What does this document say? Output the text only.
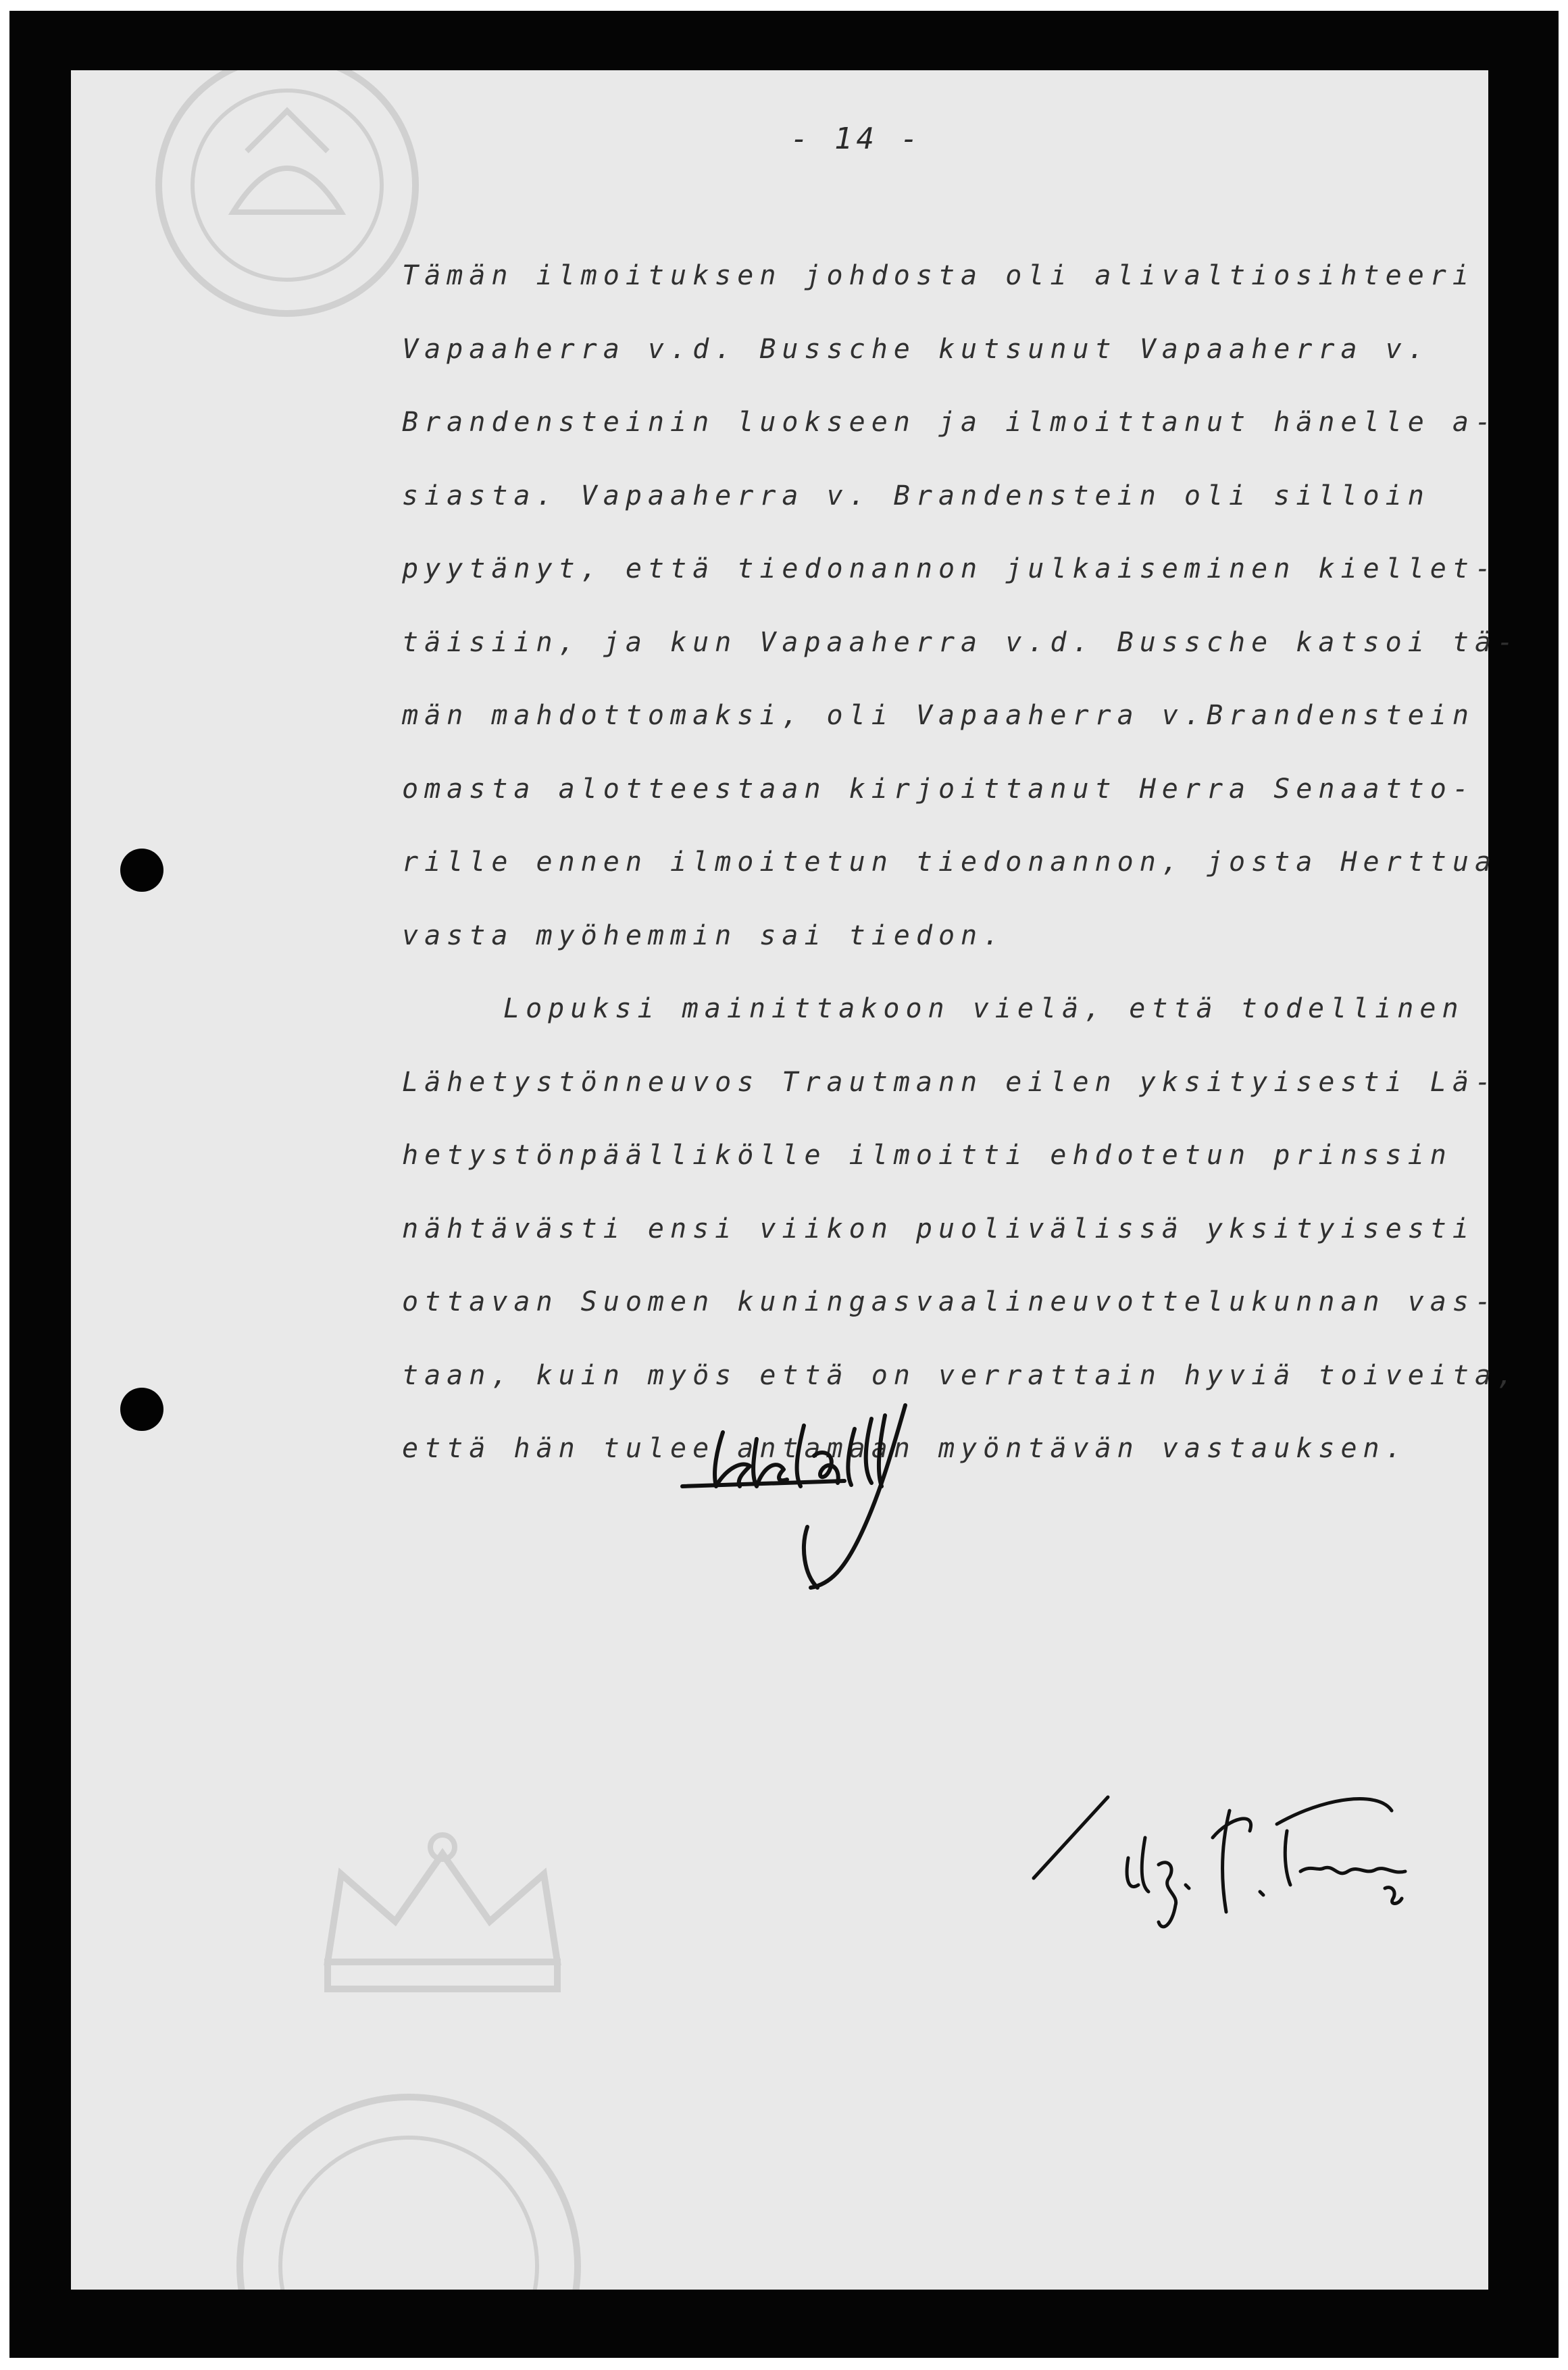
- 14 -
Tämän ilmoituksen johdosta oli alivaltiosihteeri
Vapaaherra v.d. Bussche kutsunut Vapaaherra v.
Brandensteinin luokseen ja ilmoittanut hänelle a-
siasta. Vapaaherra v. Brandenstein oli silloin
pyytänyt, että tiedonannon julkaiseminen kiellet-
täisiin, ja kun Vapaaherra v.d. Bussche katsoi tä-
män mahdottomaksi, oli Vapaaherra v.Brandenstein
omasta alotteestaan kirjoittanut Herra Senaatto-
rille ennen ilmoitetun tiedonannon, josta Herttua
vasta myöhemmin sai tiedon.
Lopuksi mainittakoon vielä, että todellinen
Lähetystönneuvos Trautmann eilen yksityisesti Lä-
hetystönpäällikölle ilmoitti ehdotetun prinssin
nähtävästi ensi viikon puolivälissä yksityisesti
ottavan Suomen kuningasvaalineuvottelukunnan vas-
taan, kuin myös että on verrattain hyviä toiveita,
että hän tulee antamaan myöntävän vastauksen.
